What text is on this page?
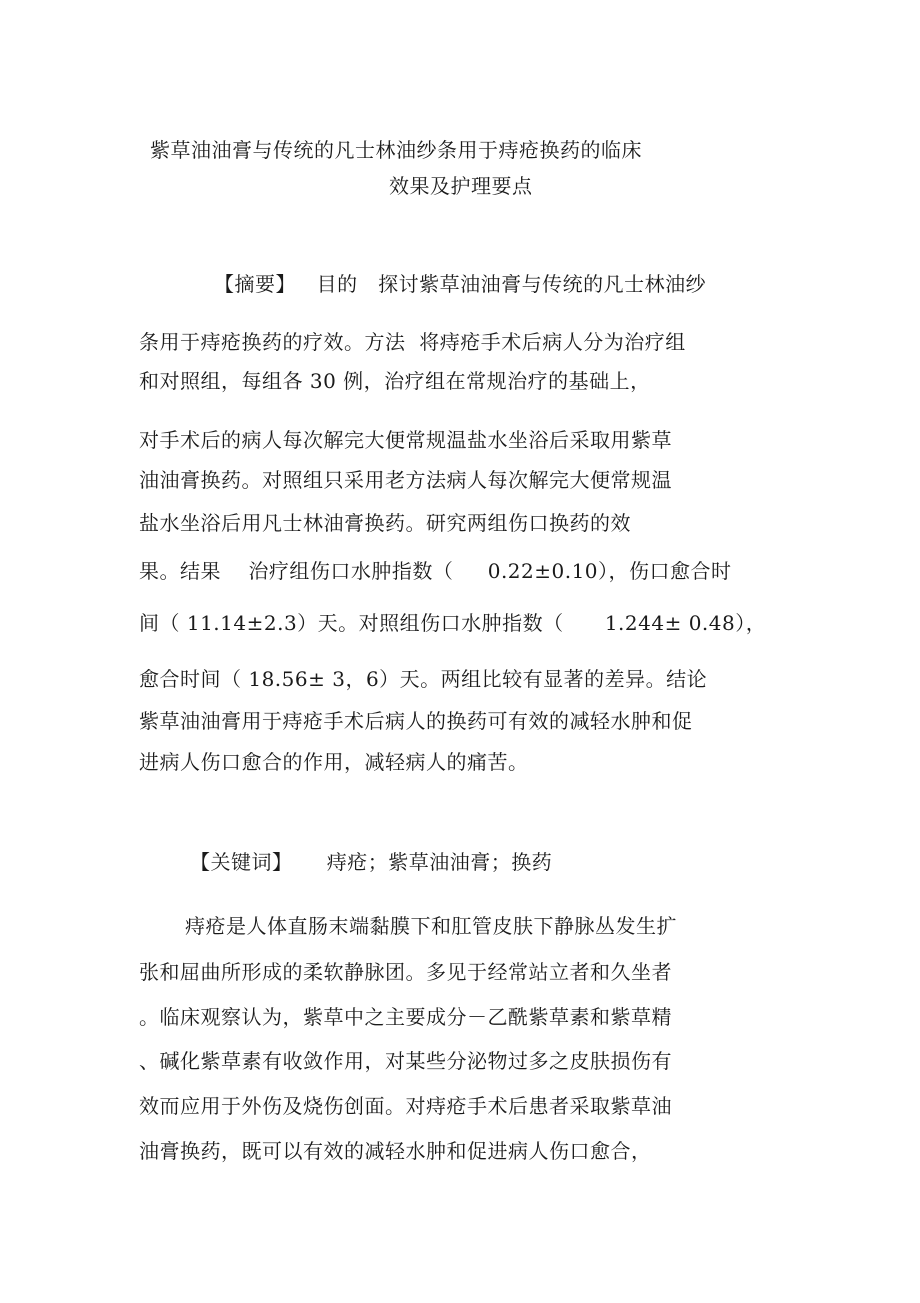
紫草油油膏与传统的凡士林油纱条用于痔疮换药的临床
效果及护理要点
【摘要】   目的   探讨紫草油油膏与传统的凡士林油纱
条用于痔疮换药的疗效。方法  将痔疮手术后病人分为治疗组
和对照组，每组各 30 例，治疗组在常规治疗的基础上，
对手术后的病人每次解完大便常规温盐水坐浴后采取用紫草
油油膏换药。对照组只采用老方法病人每次解完大便常规温
盐水坐浴后用凡士林油膏换药。研究两组伤口换药的效
果。结果    治疗组伤口水肿指数（     0.22±0.10），伤口愈合时
间（ 11.14±2.3）天。对照组伤口水肿指数（      1.244± 0.48），
愈合时间（ 18.56± 3，6）天。两组比较有显著的差异。结论
紫草油油膏用于痔疮手术后病人的换药可有效的减轻水肿和促
进病人伤口愈合的作用，减轻病人的痛苦。
【关键词】     痔疮；紫草油油膏；换药
痔疮是人体直肠末端黏膜下和肛管皮肤下静脉丛发生扩
张和屈曲所形成的柔软静脉团。多见于经常站立者和久坐者
。临床观察认为，紫草中之主要成分－乙酰紫草素和紫草精
、碱化紫草素有收敛作用，对某些分泌物过多之皮肤损伤有
效而应用于外伤及烧伤创面。对痔疮手术后患者采取紫草油
油膏换药，既可以有效的减轻水肿和促进病人伤口愈合，
